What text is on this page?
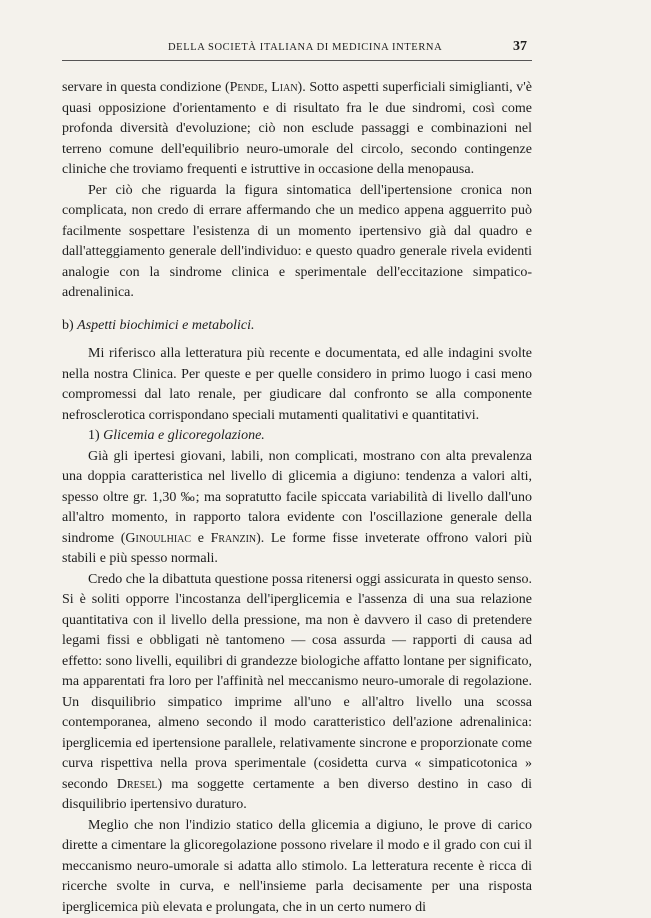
DELLA SOCIETÀ ITALIANA DI MEDICINA INTERNA	37

servare in questa condizione (Pende, Lian). Sotto aspetti superficiali simiglianti, v'è quasi opposizione d'orientamento e di risultato fra le due sindromi, così come profonda diversità d'evoluzione; ciò non esclude passaggi e combinazioni nel terreno comune dell'equilibrio neuro-umorale del circolo, secondo contingenze cliniche che troviamo frequenti e istruttive in occasione della menopausa.

Per ciò che riguarda la figura sintomatica dell'ipertensione cronica non complicata, non credo di errare affermando che un medico appena agguerrito può facilmente sospettare l'esistenza di un momento ipertensivo già dal quadro e dall'atteggiamento generale dell'individuo: e questo quadro generale rivela evidenti analogie con la sindrome clinica e sperimentale dell'eccitazione simpatico-adrenalinica.

b) Aspetti biochimici e metabolici.

Mi riferisco alla letteratura più recente e documentata, ed alle indagini svolte nella nostra Clinica. Per queste e per quelle considero in primo luogo i casi meno compromessi dal lato renale, per giudicare dal confronto se alla componente nefrosclerotica corrispondano speciali mutamenti qualitativi e quantitativi.

1) Glicemia e glicoregolazione.

Già gli ipertesi giovani, labili, non complicati, mostrano con alta prevalenza una doppia caratteristica nel livello di glicemia a digiuno: tendenza a valori alti, spesso oltre gr. 1,30 ‰; ma sopratutto facile spiccata variabilità di livello dall'uno all'altro momento, in rapporto talora evidente con l'oscillazione generale della sindrome (Ginoulhiac e Franzin). Le forme fisse inveterate offrono valori più stabili e più spesso normali.

Credo che la dibattuta questione possa ritenersi oggi assicurata in questo senso. Si è soliti opporre l'incostanza dell'iperglicemia e l'assenza di una sua relazione quantitativa con il livello della pressione, ma non è davvero il caso di pretendere legami fissi e obbligati nè tantomeno — cosa assurda — rapporti di causa ad effetto: sono livelli, equilibri di grandezze biologiche affatto lontane per significato, ma apparentati fra loro per l'affinità nel meccanismo neuro-umorale di regolazione. Un disquilibrio simpatico imprime all'uno e all'altro livello una scossa contemporanea, almeno secondo il modo caratteristico dell'azione adrenalinica: iperglicemia ed ipertensione parallele, relativamente sincrone e proporzionate come curva rispettiva nella prova sperimentale (cosidetta curva « simpaticotonica » secondo Dresel) ma soggette certamente a ben diverso destino in caso di disquilibrio ipertensivo duraturo.

Meglio che non l'indizio statico della glicemia a digiuno, le prove di carico dirette a cimentare la glicoregolazione possono rivelare il modo e il grado con cui il meccanismo neuro-umorale si adatta allo stimolo. La letteratura recente è ricca di ricerche svolte in curva, e nell'insieme parla decisamente per una risposta iperglicemica più elevata e prolungata, che in un certo numero di
